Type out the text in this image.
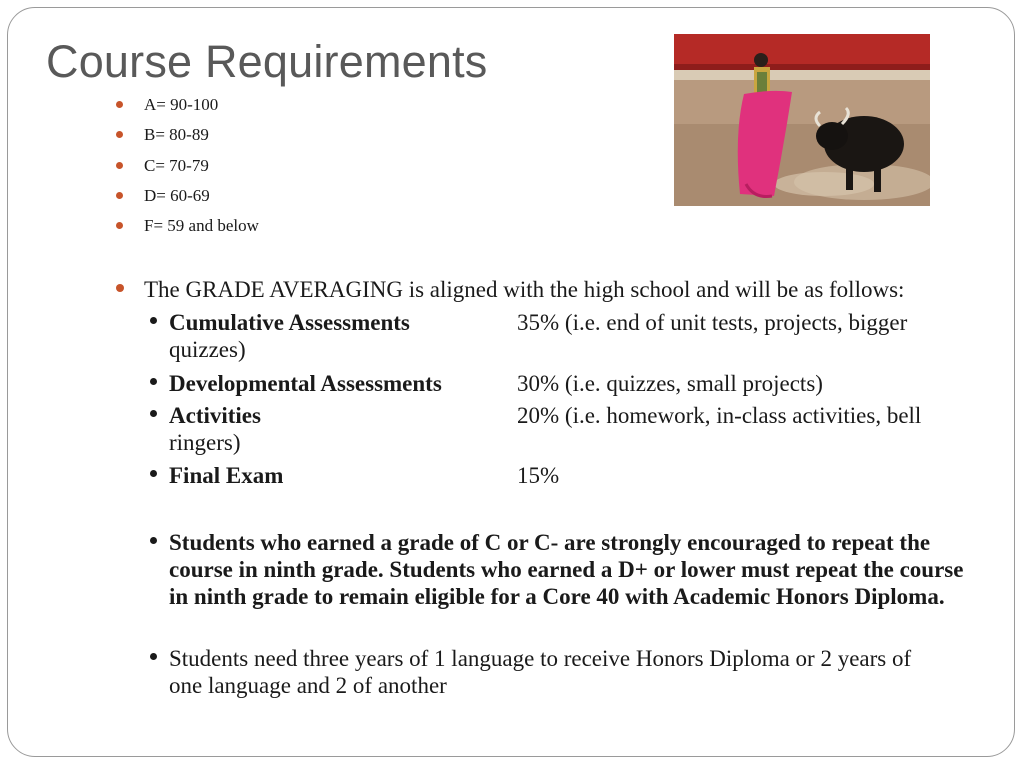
Course Requirements
A= 90-100
B= 80-89
C= 70-79
D= 60-69
F= 59 and below
The GRADE AVERAGING is aligned with the high school and will be as follows:
Cumulative Assessments	35% (i.e. end of unit tests, projects, bigger quizzes)
Developmental Assessments	30% (i.e. quizzes, small projects)
Activities	20% (i.e. homework, in-class activities, bell ringers)
Final Exam	15%
Students who earned a grade of C or C- are strongly encouraged to repeat the course in ninth grade. Students who earned a D+ or lower must repeat the course in ninth grade to remain eligible for a Core 40 with Academic Honors Diploma.
Students need three years of 1 language to receive Honors Diploma or 2 years of one language and 2 of another
